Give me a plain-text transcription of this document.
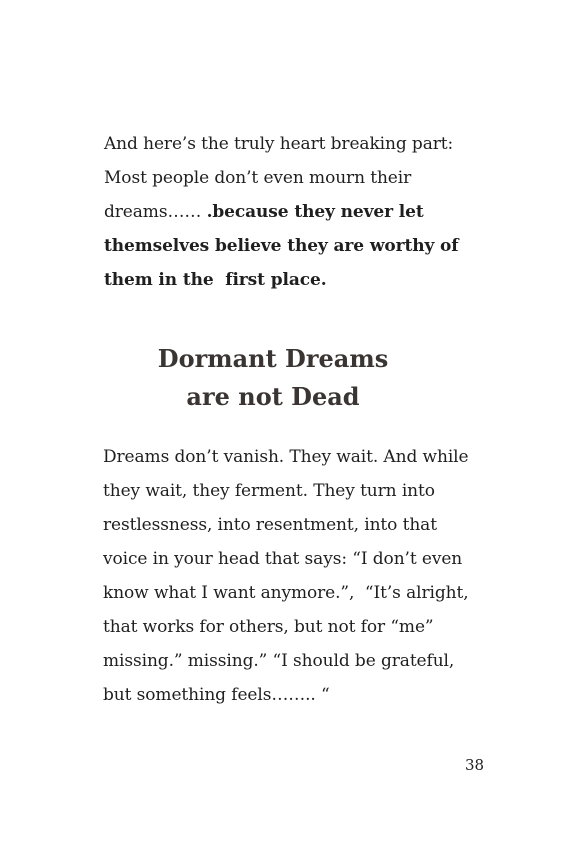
And here’s the truly heart breaking part: Most people don’t even mourn their dreams…… .because they never let themselves believe they are worthy of them in the  first place.

Dormant Dreams
are not Dead

Dreams don’t vanish. They wait. And while they wait, they ferment. They turn into restlessness, into resentment, into that voice in your head that says: “I don’t even know what I want anymore.”,  “It’s alright, that works for others, but not for “me” missing.” missing.” “I should be grateful, but something feels…….. “

38
